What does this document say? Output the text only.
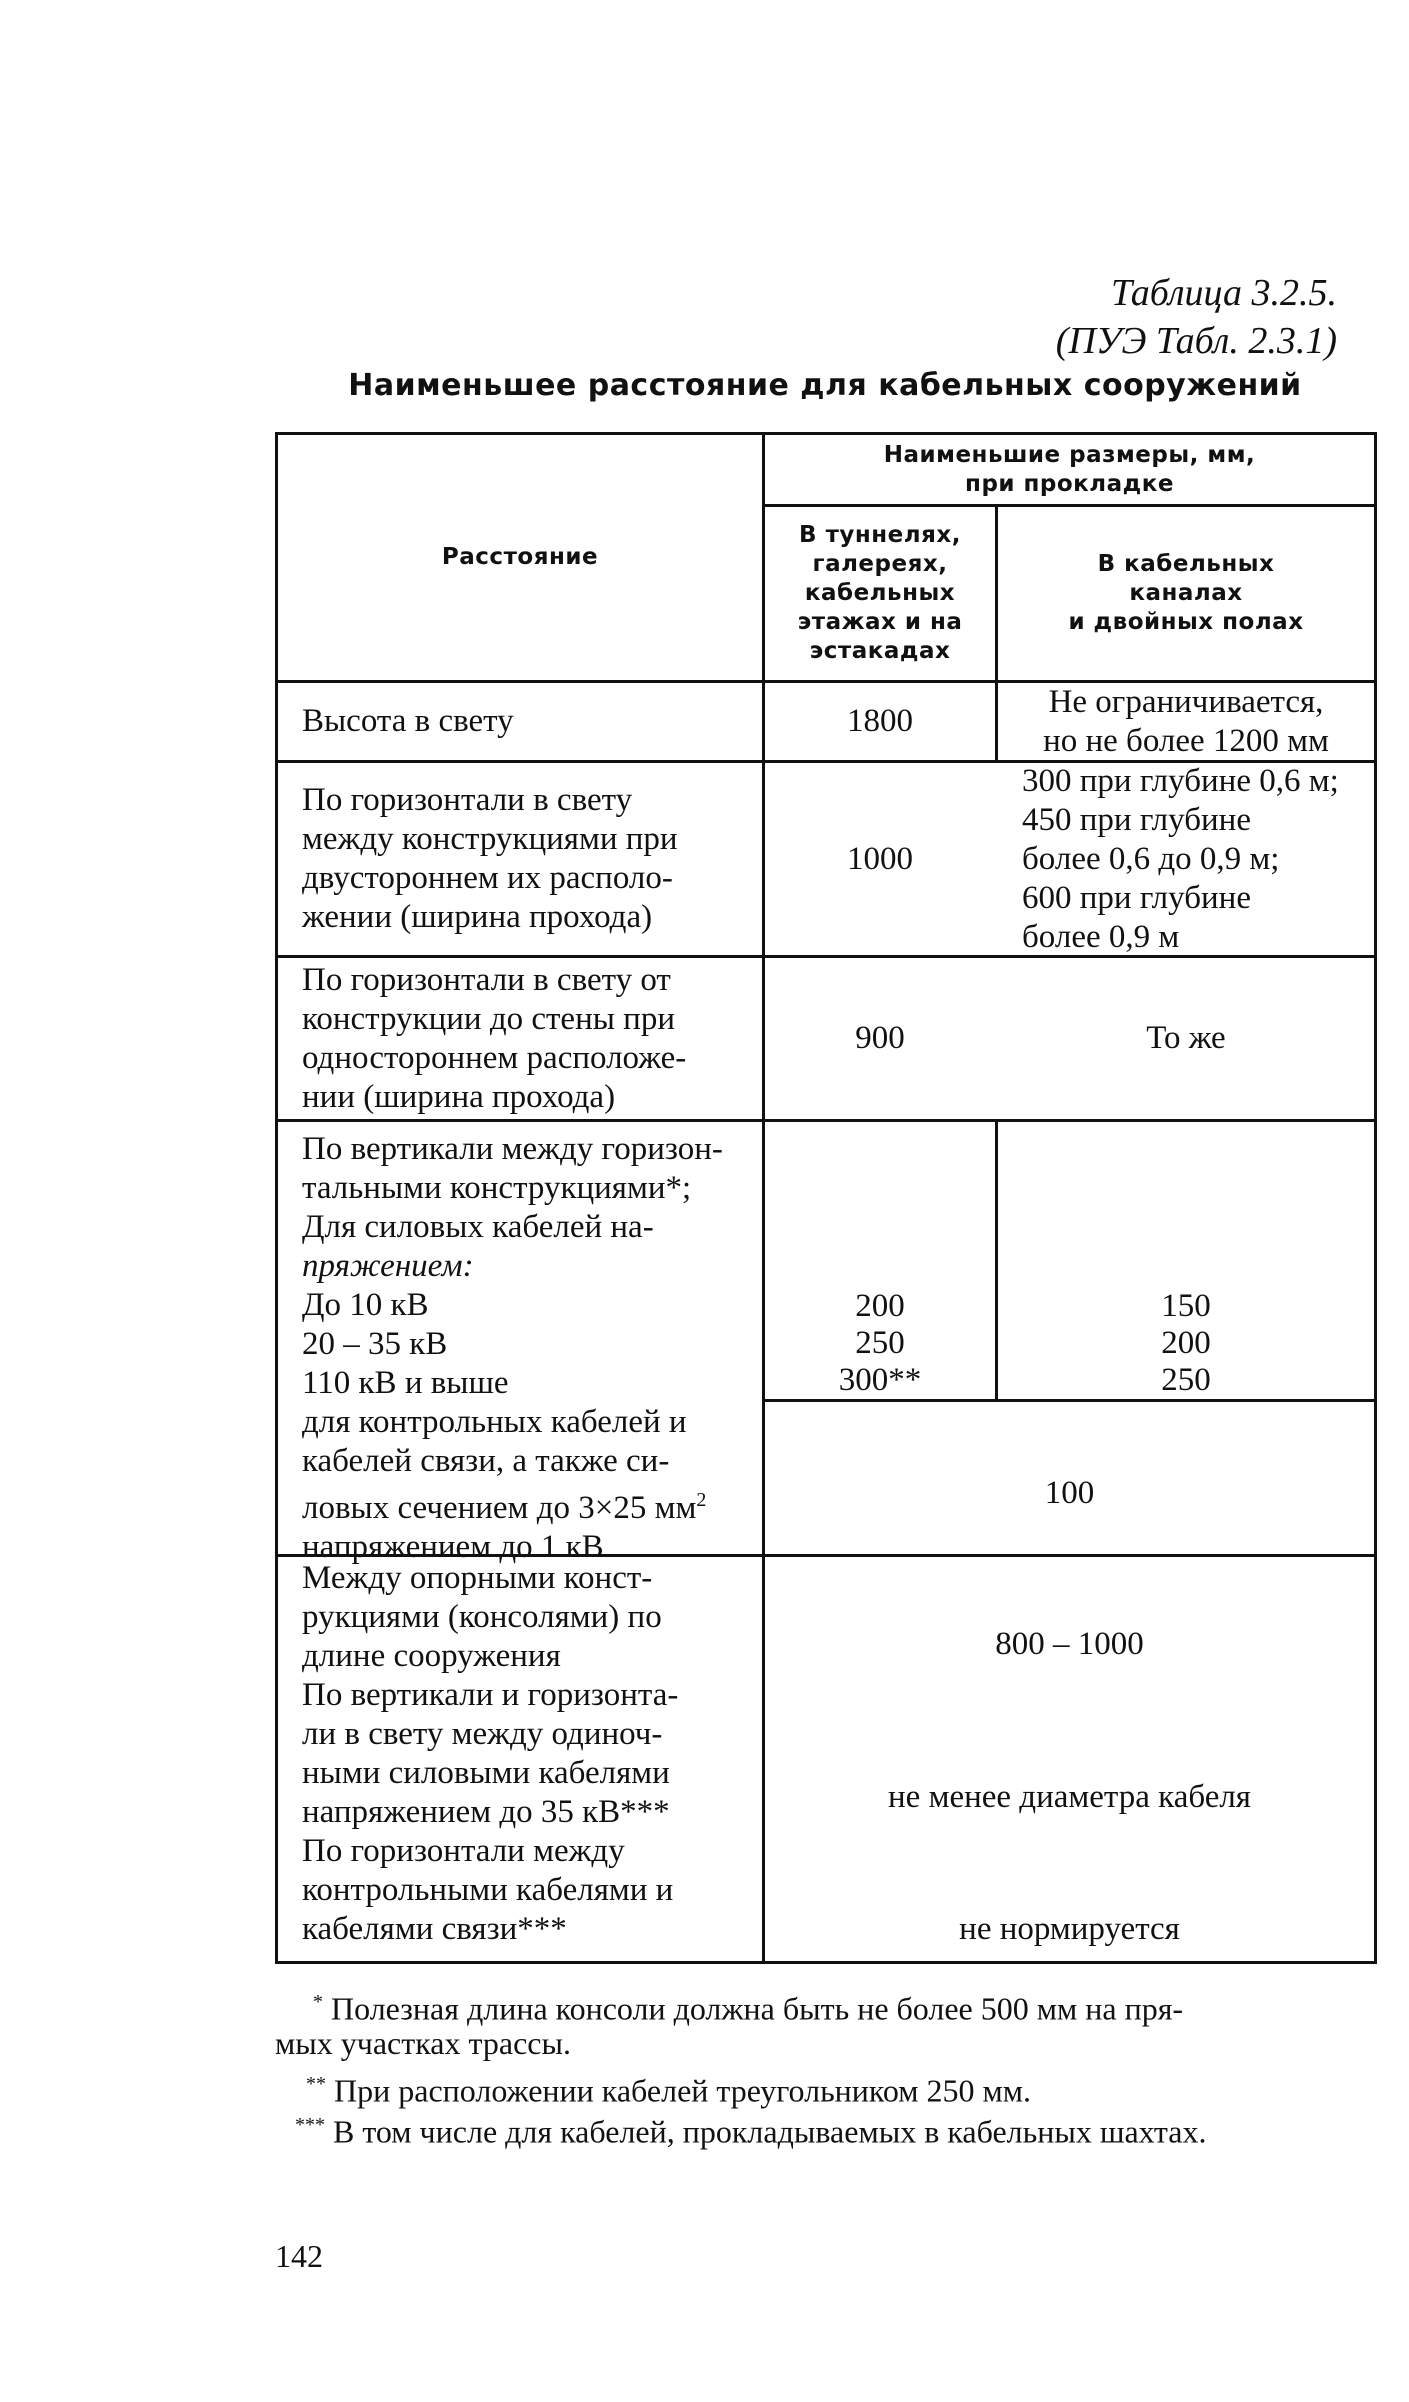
Таблица 3.2.5.
(ПУЭ Табл. 2.3.1)
Наименьшее расстояние для кабельных сооружений
Расстояние
Наименьшие размеры, мм,
при прокладке
В туннелях,
галереях,
кабельных
этажах и на
эстакадах
В кабельных
каналах
и двойных полах
Высота в свету	1800
Не ограничивается,
но не более 1200 мм
По горизонтали в свету
между конструкциями при
двустороннем их располо-
жении (ширина прохода)
1000
300 при глубине 0,6 м;
450 при глубине
более 0,6 до 0,9 м;
600 при глубине
более 0,9 м
По горизонтали в свету от
конструкции до стены при
одностороннем расположе-
нии (ширина прохода)
900	То же
По вертикали между горизон-
тальными конструкциями*;
Для силовых кабелей на-
пряжением:
До 10 кВ
20 – 35 кВ
110 кВ и выше
для контрольных кабелей и
кабелей связи, а также си-
ловых сечением до 3×25 $мм^2$
напряжением до 1 кВ
200
250
300**
150
200
250
100
Между опорными конст-
рукциями (консолями) по
длине сооружения
По вертикали и горизонта-
ли в свету между одиноч-
ными силовыми кабелями
напряжением до 35 кВ***
По горизонтали между
контрольными кабелями и
кабелями связи***
800 – 1000
не менее диаметра кабеля
не нормируется
* Полезная длина консоли должна быть не более 500 мм на пря-
мых участках трассы.
** При расположении кабелей треугольником 250 мм.
*** В том числе для кабелей, прокладываемых в кабельных шахтах.
142
